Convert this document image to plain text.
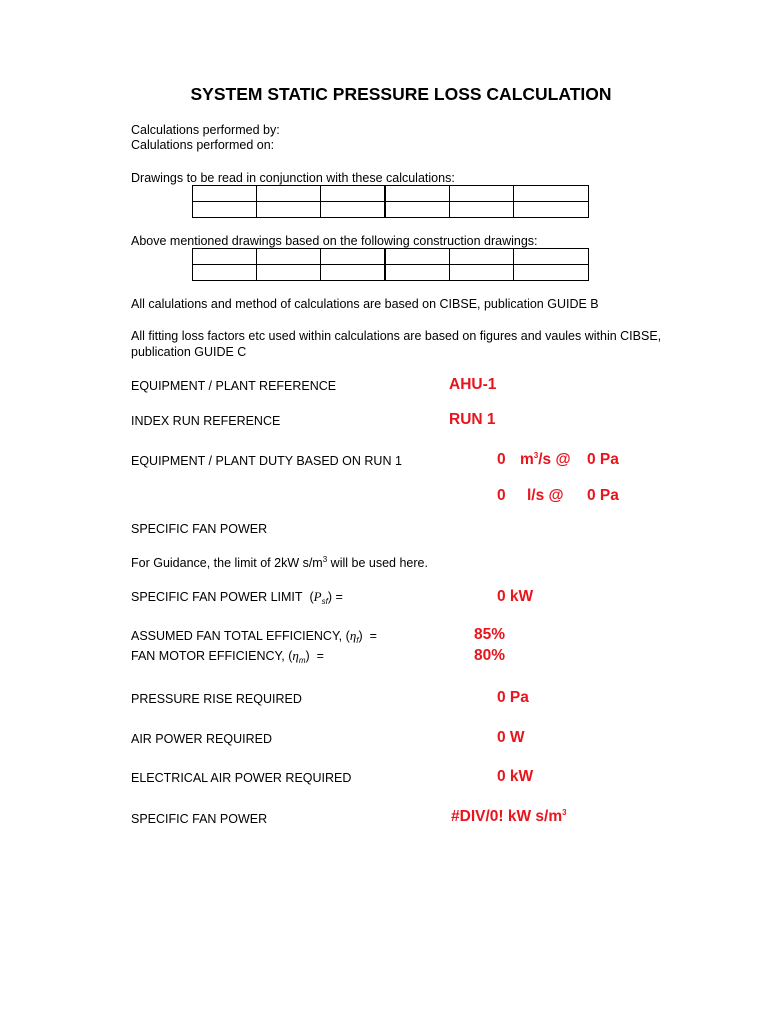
SYSTEM STATIC PRESSURE LOSS CALCULATION
Calculations performed by:
Calulations performed on:
Drawings to be read in conjunction with these calculations:

Above mentioned drawings based on the following construction drawings:

All calulations and method of calculations are based on CIBSE, publication GUIDE B
All fitting loss factors etc used within calculations are based on figures and vaules within CIBSE,
publication GUIDE C
EQUIPMENT / PLANT REFERENCE	AHU-1
INDEX RUN REFERENCE	RUN 1
EQUIPMENT / PLANT DUTY BASED ON RUN 1	0 $m^3/s$ @ 0 Pa
0 l/s @ 0 Pa
SPECIFIC FAN POWER
For Guidance, the limit of 2kW $s/m^3$ will be used here.
SPECIFIC FAN POWER LIMIT  $(P_{sf})$ =	0 kW
ASSUMED FAN TOTAL EFFICIENCY, $(\eta_f)$  =	85%
FAN MOTOR EFFICIENCY, $(\eta_m)$  =	80%
PRESSURE RISE REQUIRED	0 Pa
AIR POWER REQUIRED	0 W
ELECTRICAL AIR POWER REQUIRED	0 kW
SPECIFIC FAN POWER	#DIV/0! kW $s/m^3$
